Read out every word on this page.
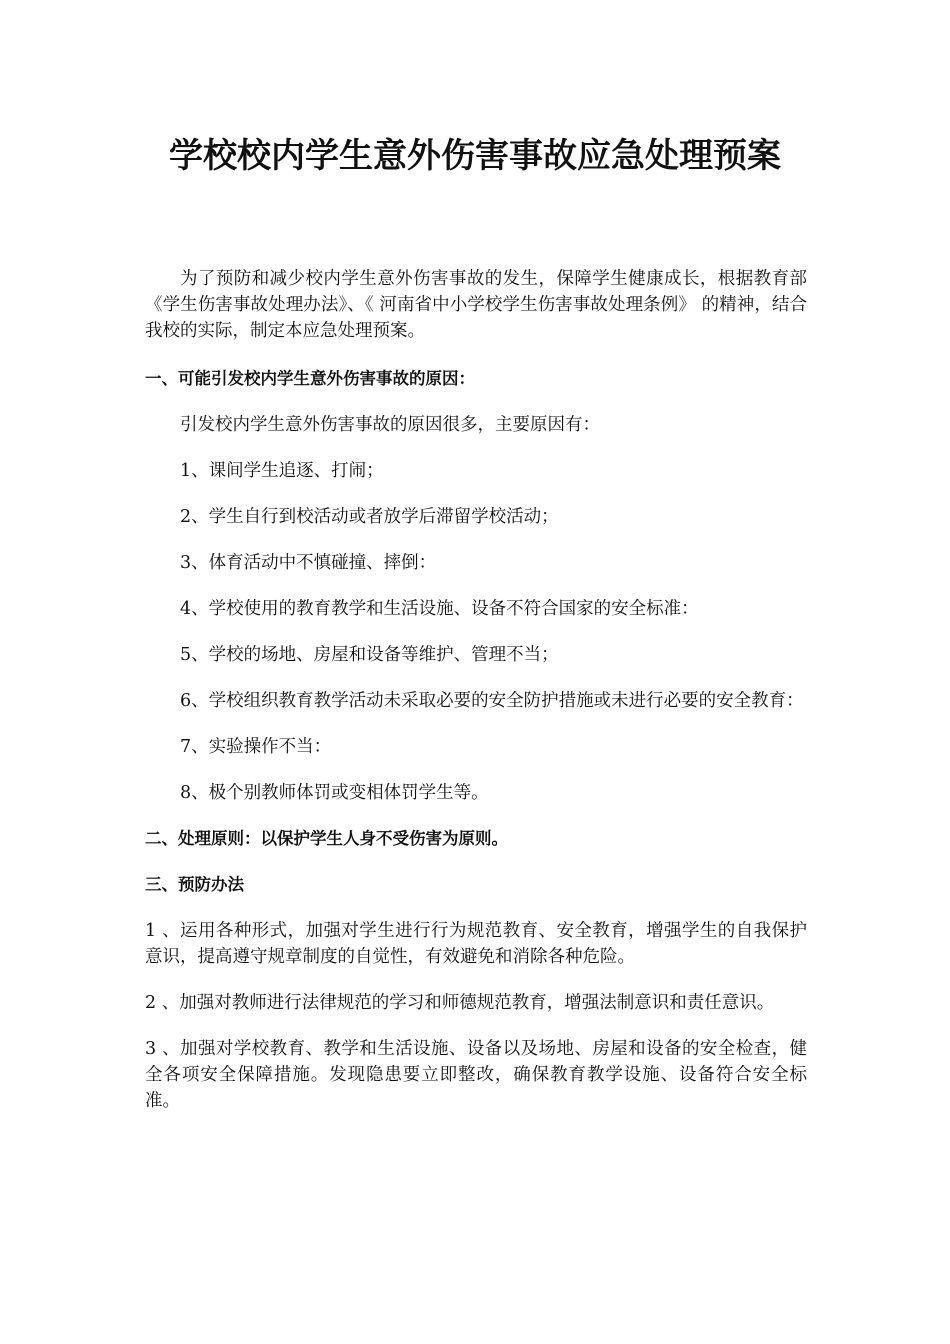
学校校内学生意外伤害事故应急处理预案

为了预防和减少校内学生意外伤害事故的发生，保障学生健康成长，根据教育部《学生伤害事故处理办法》、《 河南省中小学校学生伤害事故处理条例》 的精神，结合我校的实际，制定本应急处理预案。

一、可能引发校内学生意外伤害事故的原因：

引发校内学生意外伤害事故的原因很多，主要原因有：

1、课间学生追逐、打闹；

2、学生自行到校活动或者放学后滞留学校活动；

3、体育活动中不慎碰撞、摔倒：

4、学校使用的教育教学和生活设施、设备不符合国家的安全标准：

5、学校的场地、房屋和设备等维护、管理不当；

6、学校组织教育教学活动未采取必要的安全防护措施或未进行必要的安全教育：

7、实验操作不当：

8、极个别教师体罚或变相体罚学生等。

二、处理原则：以保护学生人身不受伤害为原则。

三、预防办法

1 、运用各种形式，加强对学生进行行为规范教育、安全教育，增强学生的自我保护意识，提高遵守规章制度的自觉性，有效避免和消除各种危险。

2 、加强对教师进行法律规范的学习和师德规范教育，增强法制意识和责任意识。

3 、加强对学校教育、教学和生活设施、设备以及场地、房屋和设备的安全检查，健全各项安全保障措施。发现隐患要立即整改，确保教育教学设施、设备符合安全标准。
